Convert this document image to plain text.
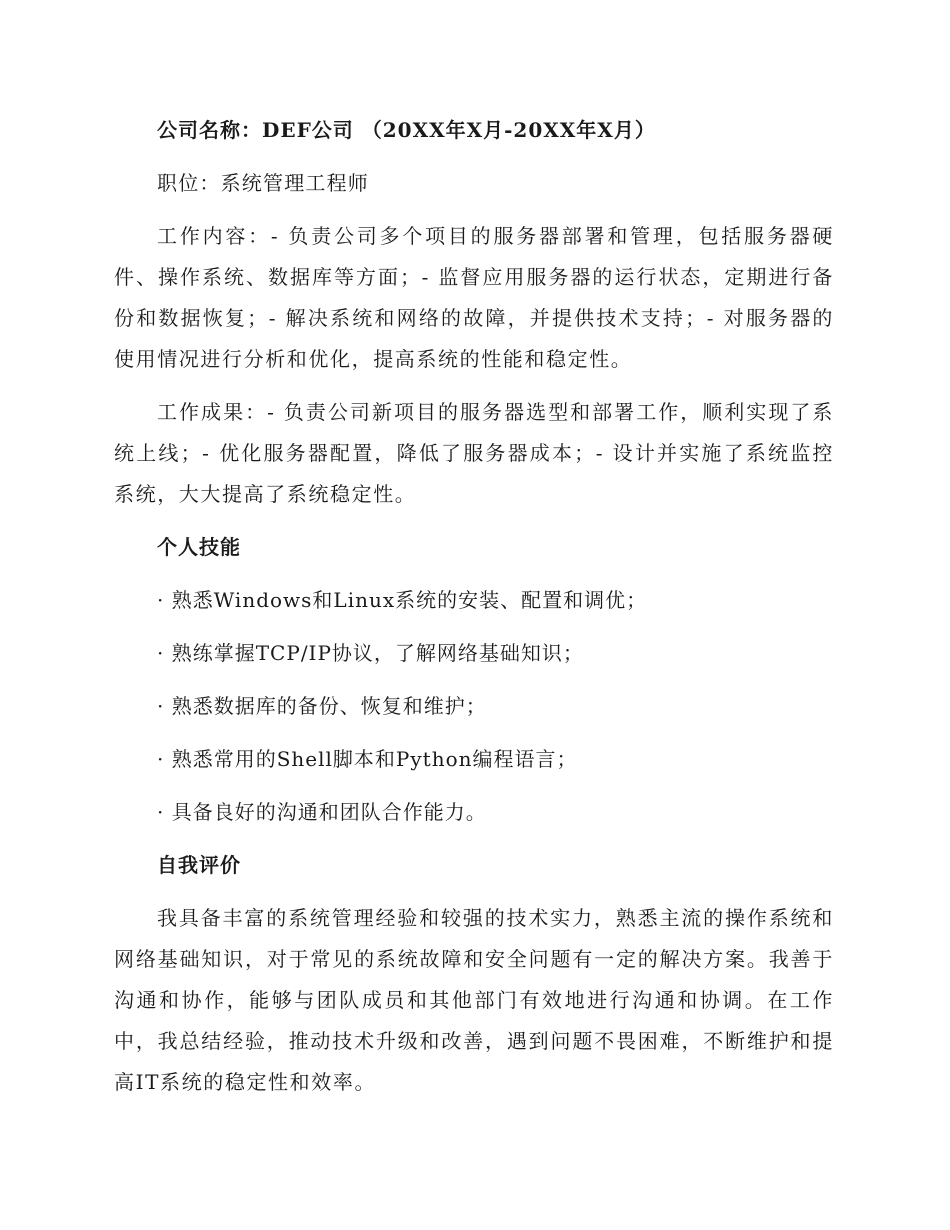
公司名称：DEF公司 （20XX年X月-20XX年X月）

职位：系统管理工程师

工作内容：- 负责公司多个项目的服务器部署和管理，包括服务器硬件、操作系统、数据库等方面；- 监督应用服务器的运行状态，定期进行备份和数据恢复；- 解决系统和网络的故障，并提供技术支持；- 对服务器的使用情况进行分析和优化，提高系统的性能和稳定性。

工作成果：- 负责公司新项目的服务器选型和部署工作，顺利实现了系统上线；- 优化服务器配置，降低了服务器成本；- 设计并实施了系统监控系统，大大提高了系统稳定性。

个人技能

· 熟悉Windows和Linux系统的安装、配置和调优；

· 熟练掌握TCP/IP协议，了解网络基础知识；

· 熟悉数据库的备份、恢复和维护；

· 熟悉常用的Shell脚本和Python编程语言；

· 具备良好的沟通和团队合作能力。

自我评价

我具备丰富的系统管理经验和较强的技术实力，熟悉主流的操作系统和网络基础知识，对于常见的系统故障和安全问题有一定的解决方案。我善于沟通和协作，能够与团队成员和其他部门有效地进行沟通和协调。在工作中，我总结经验，推动技术升级和改善，遇到问题不畏困难，不断维护和提高IT系统的稳定性和效率。
